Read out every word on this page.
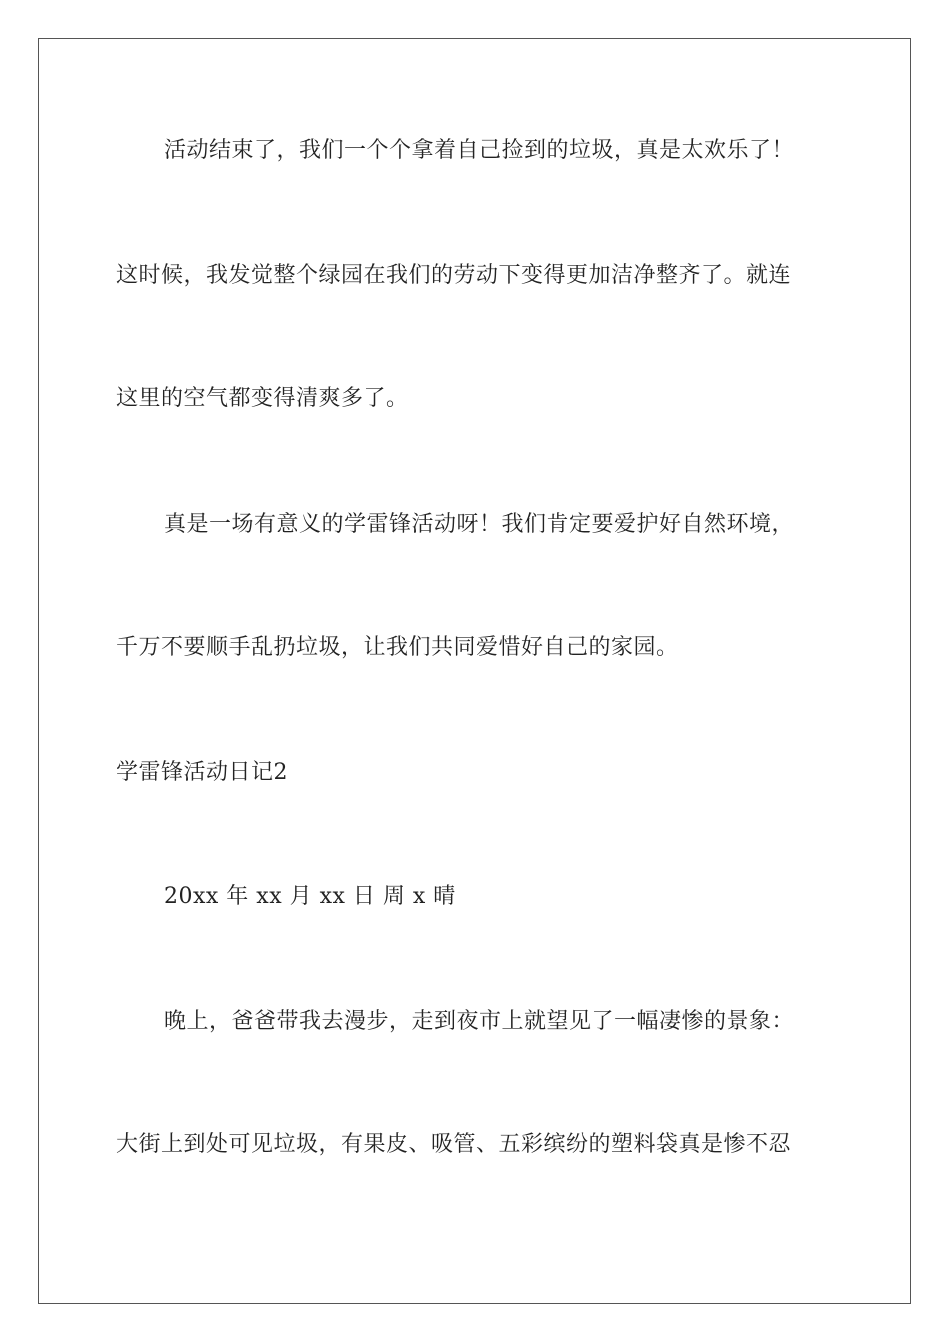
活动结束了，我们一个个拿着自己捡到的垃圾，真是太欢乐了！

这时候，我发觉整个绿园在我们的劳动下变得更加洁净整齐了。就连

这里的空气都变得清爽多了。

真是一场有意义的学雷锋活动呀！我们肯定要爱护好自然环境，

千万不要顺手乱扔垃圾，让我们共同爱惜好自己的家园。

学雷锋活动日记2

20xx 年 xx 月 xx 日 周 x 晴

晚上，爸爸带我去漫步，走到夜市上就望见了一幅凄惨的景象：

大街上到处可见垃圾，有果皮、吸管、五彩缤纷的塑料袋真是惨不忍
